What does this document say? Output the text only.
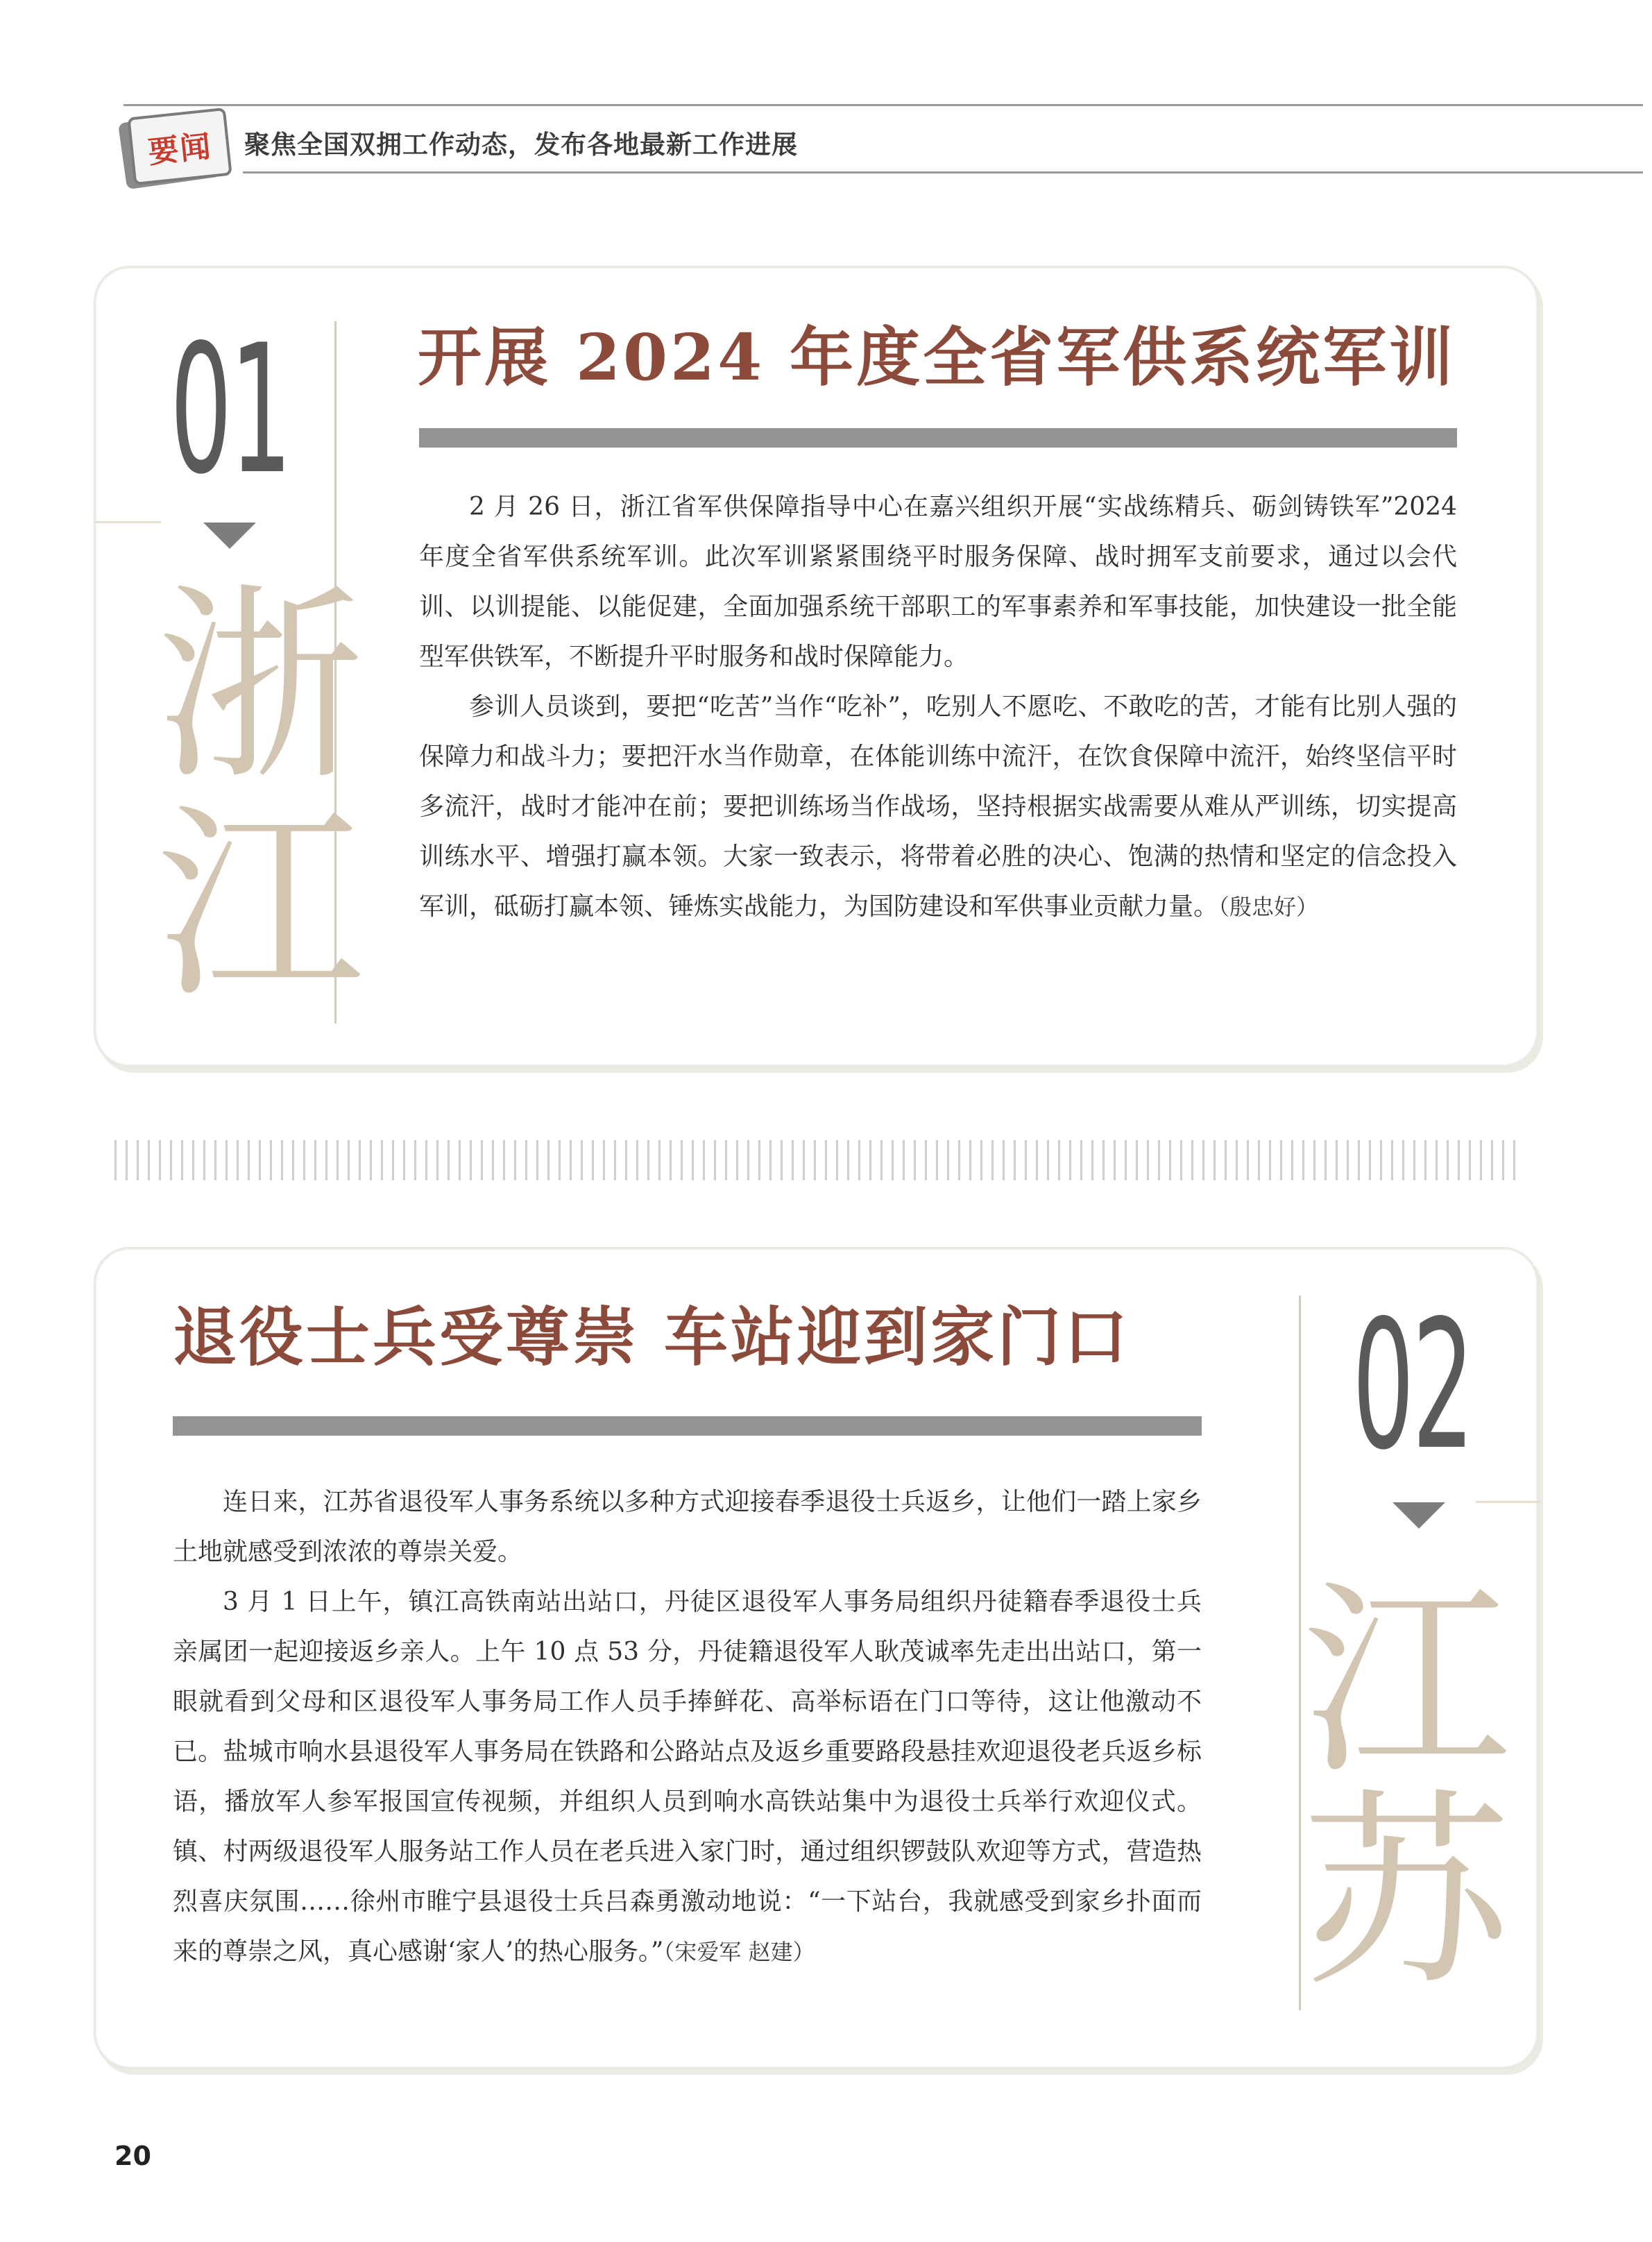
要闻 聚焦全国双拥工作动态，发布各地最新工作进展

01
浙
江
开展 2024 年度全省军供系统军训

2 月 26 日，浙江省军供保障指导中心在嘉兴组织开展“实战练精兵、砺剑铸铁军”2024 年度全省军供系统军训。此次军训紧紧围绕平时服务保障、战时拥军支前要求，通过以会代训、以训提能、以能促建，全面加强系统干部职工的军事素养和军事技能，加快建设一批全能型军供铁军，不断提升平时服务和战时保障能力。

参训人员谈到，要把“吃苦”当作“吃补”，吃别人不愿吃、不敢吃的苦，才能有比别人强的保障力和战斗力；要把汗水当作勋章，在体能训练中流汗，在饮食保障中流汗，始终坚信平时多流汗，战时才能冲在前；要把训练场当作战场，坚持根据实战需要从难从严训练，切实提高训练水平、增强打赢本领。大家一致表示，将带着必胜的决心、饱满的热情和坚定的信念投入军训，砥砺打赢本领、锤炼实战能力，为国防建设和军供事业贡献力量。（殷忠好）

退役士兵受尊崇 车站迎到家门口

连日来，江苏省退役军人事务系统以多种方式迎接春季退役士兵返乡，让他们一踏上家乡土地就感受到浓浓的尊崇关爱。

3 月 1 日上午，镇江高铁南站出站口，丹徒区退役军人事务局组织丹徒籍春季退役士兵亲属团一起迎接返乡亲人。上午 10 点 53 分，丹徒籍退役军人耿茂诚率先走出出站口，第一眼就看到父母和区退役军人事务局工作人员手捧鲜花、高举标语在门口等待，这让他激动不已。盐城市响水县退役军人事务局在铁路和公路站点及返乡重要路段悬挂欢迎退役老兵返乡标语，播放军人参军报国宣传视频，并组织人员到响水高铁站集中为退役士兵举行欢迎仪式。镇、村两级退役军人服务站工作人员在老兵进入家门时，通过组织锣鼓队欢迎等方式，营造热烈喜庆氛围……徐州市睢宁县退役士兵吕森勇激动地说：“一下站台，我就感受到家乡扑面而来的尊崇之风，真心感谢‘家人’的热心服务。”（宋爱军 赵建）

02
江
苏

20
